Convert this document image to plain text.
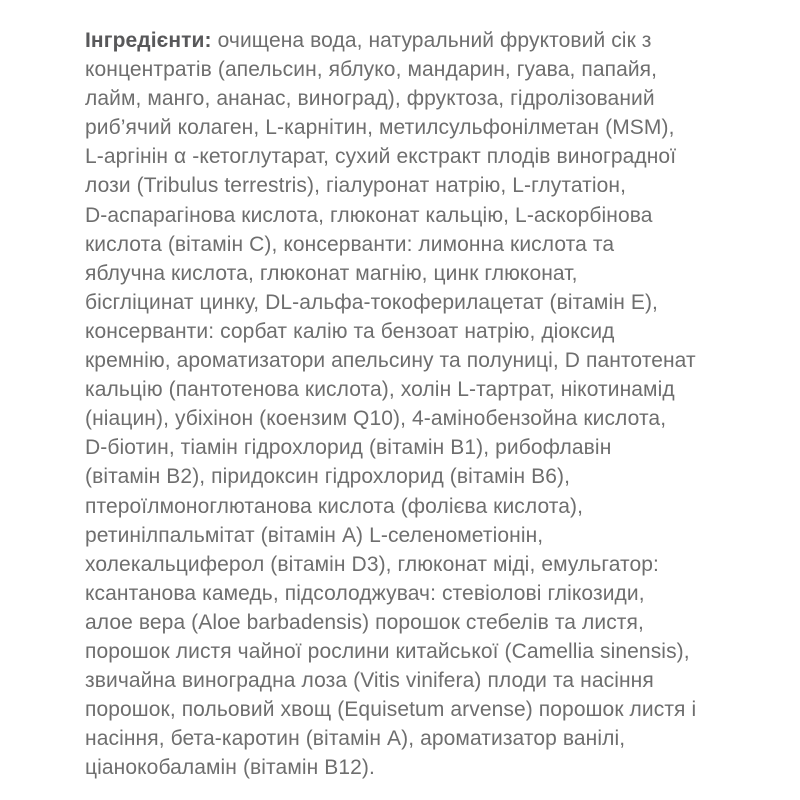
Інгредієнти: очищена вода, натуральний фруктовий сік з
концентратів (апельсин, яблуко, мандарин, гуава, папайя,
лайм, манго, ананас, виноград), фруктоза, гідролізований
риб’ячий колаген, L-карнітин, метилсульфонілметан (MSM),
L-аргінін α -кетоглутарат, сухий екстракт плодів виноградної
лози (Tribulus terrestris), гіалуронат натрію, L-глутатіон,
D-аспарагінова кислота, глюконат кальцію, L-аскорбінова
кислота (вітамін С), консерванти: лимонна кислота та
яблучна кислота, глюконат магнію, цинк глюконат,
бісгліцинат цинку, DL-альфа-токоферилацетат (вітамін Е),
консерванти: сорбат калію та бензоат натрію, діоксид
кремнію, ароматизатори апельсину та полуниці, D пантотенат
кальцію (пантотенова кислота), холін L-тартрат, нікотинамід
(ніацин), убіхінон (коензим Q10), 4-амінобензойна кислота,
D-біотин, тіамін гідрохлорид (вітамін В1), рибофлавін
(вітамін В2), піридоксин гідрохлорид (вітамін В6),
птероїлмоноглютанова кислота (фолієва кислота),
ретинілпальмітат (вітамін А) L-селенометіонін,
холекальциферол (вітамін D3), глюконат міді, емульгатор:
ксантанова камедь, підсолоджувач: стевіолові глікозиди,
алое вера (Aloe barbadensis) порошок стебелів та листя,
порошок листя чайної рослини китайської (Camellia sinensis),
звичайна виноградна лоза (Vitis vinifera) плоди та насіння
порошок, польовий хвощ (Equisetum arvense) порошок листя і
насіння, бета-каротин (вітамін А), ароматизатор ванілі,
ціанокобаламін (вітамін В12).
